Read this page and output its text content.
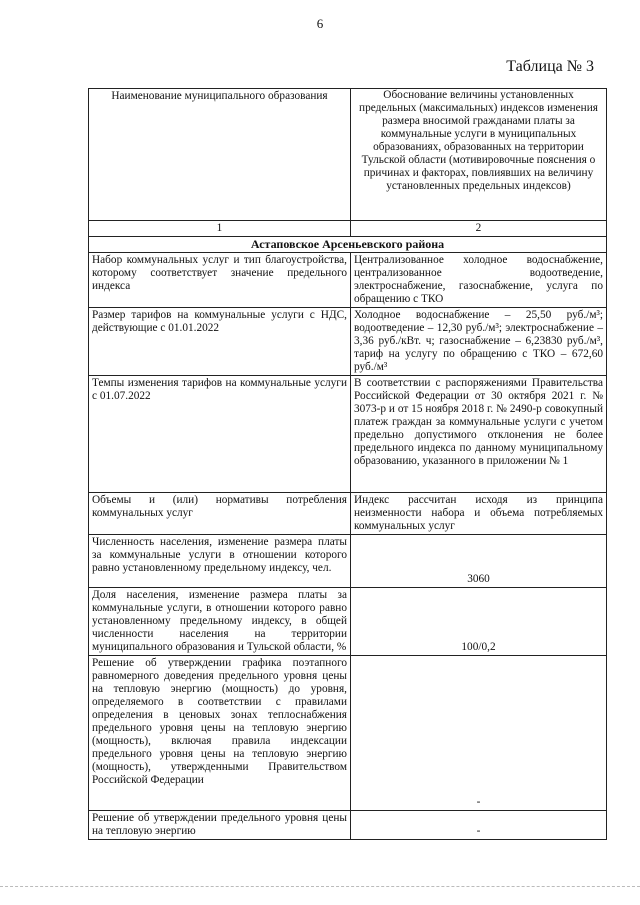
6
Таблица № 3
Наименование муниципального образования	Обоснование величины установленных предельных (максимальных) индексов изменения размера вносимой гражданами платы за коммунальные услуги в муниципальных образованиях, образованных на территории Тульской области (мотивировочные пояснения о причинах и факторах, повлиявших на величину установленных предельных индексов)
1	2
Астаповское Арсеньевского района	
Набор коммунальных услуг и тип благоустройства, которому соответствует значение предельного индекса	Централизованное холодное водоснабжение, централизованное водоотведение, электроснабжение, газоснабжение, услуга по обращению с ТКО
Размер тарифов на коммунальные услуги с НДС, действующие с 01.01.2022	Холодное водоснабжение – 25,50 руб./м³; водоотведение – 12,30 руб./м³; электроснабжение – 3,36 руб./кВт. ч; газоснабжение – 6,23830 руб./м³, тариф на услугу по обращению с ТКО – 672,60 руб./м³
Темпы изменения тарифов на коммунальные услуги с 01.07.2022	В соответствии с распоряжениями Правительства Российской Федерации от 30 октября 2021 г. № 3073-р и от 15 ноября 2018 г. № 2490-р совокупный платеж граждан за коммунальные услуги с учетом предельно допустимого отклонения не более предельного индекса по данному муниципальному образованию, указанного в приложении № 1
Объемы и (или) нормативы потребления коммунальных услуг	Индекс рассчитан исходя из принципа неизменности набора и объема потребляемых коммунальных услуг
Численность населения, изменение размера платы за коммунальные услуги в отношении которого равно установленному предельному индексу, чел.	3060
Доля населения, изменение размера платы за коммунальные услуги, в отношении которого равно установленному предельному индексу, в общей численности населения на территории муниципального образования и Тульской области, %	100/0,2
Решение об утверждении графика поэтапного равномерного доведения предельного уровня цены на тепловую энергию (мощность) до уровня, определяемого в соответствии с правилами определения в ценовых зонах теплоснабжения предельного уровня цены на тепловую энергию (мощность), включая правила индексации предельного уровня цены на тепловую энергию (мощность), утвержденными Правительством Российской Федерации	-
Решение об утверждении предельного уровня цены на тепловую энергию	-
